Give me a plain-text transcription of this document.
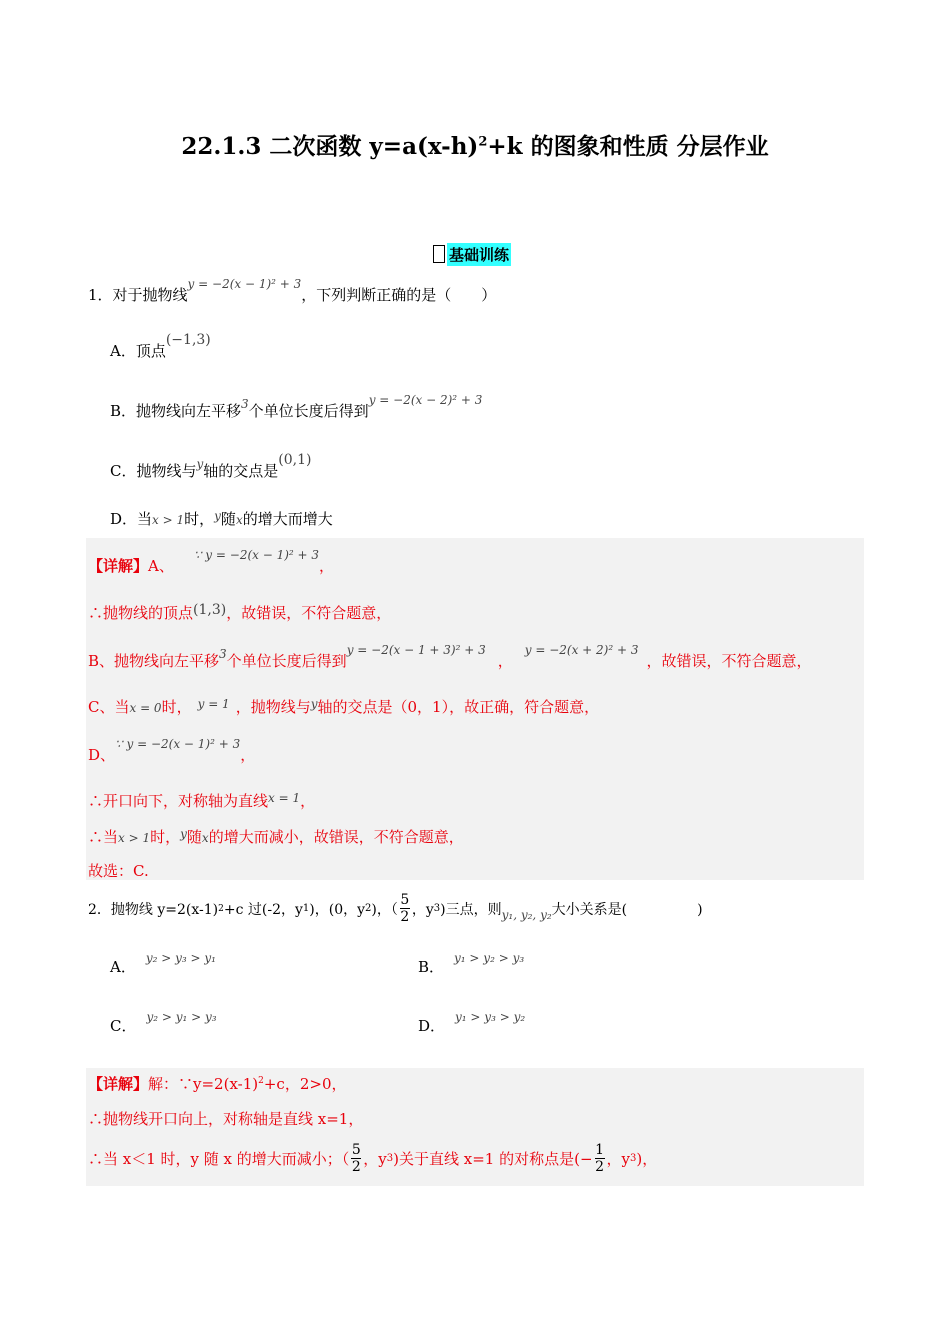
22.1.3 二次函数 $y=a(x-h)^2+k$ 的图象和性质 分层作业
基础训练
1．对于抛物线$^{y = -2(x - 1)^2 + 3}$，下列判断正确的是（　　）
A．顶点(−1,3)
B．抛物线向左平移$^3$个单位长度后得到$^{y = -2(x - 2)^2 + 3}$
C．抛物线与$^y$轴的交点是(0,1)
D．当x > 1时，$^y$随x的增大而增大
【详解】A、$^{\because y = -2(x - 1)^2 + 3}$，
∴抛物线的顶点(1,3)，故错误，不符合题意，
B、抛物线向左平移$^3$个单位长度后得到$^{y = -2(x - 1 + 3)^2 + 3}$，$^{y = -2(x + 2)^2 + 3}$，故错误，不符合题意，
C、当x = 0时， $^{y = 1}$ ，抛物线与$^y$轴的交点是（0，1），故正确，符合题意，
D、$^{\because y = -2(x - 1)^2 + 3}$，
∴开口向下，对称轴为直线$^{x = 1}$，
∴当x > 1时，$^y$随x的增大而减小，故错误，不符合题意，
故选：C.
2．抛物线 y=2(x-1) 2 +c 过(-2，y 1 )，(0，y 2 )，（ $\frac{5}{2}$ ，y 3 )三点，则 y₁, y₂, y₂ 大小关系是(　　　　　)
A． $^{y_2 > y_3 > y_1}$	B． $^{y_1 > y_2 > y_3}$
C． $^{y_2 > y_1 > y_3}$	D． $^{y_1 > y_3 > y_2}$
【详解】解：$\because y=2(x-1)^2+c$，2>0，
∴抛物线开口向上，对称轴是直线 x=1，
∴当 x＜1 时，y 随 x 的增大而减小；（ $\frac{5}{2}$ ，y 3 )关于直线 x=1 的对称点是(− $\frac{1}{2}$ ，y 3 )，
